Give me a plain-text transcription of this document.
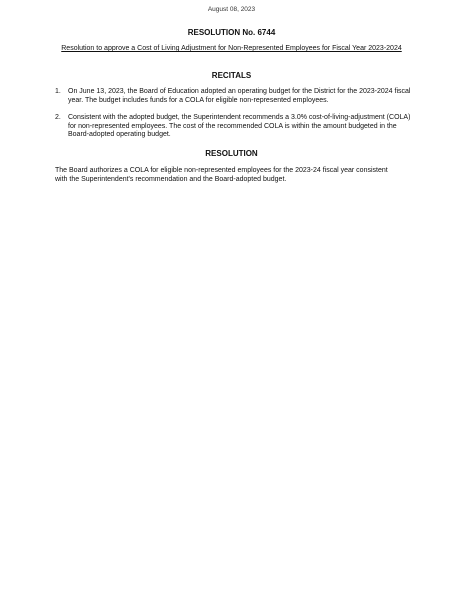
August 08, 2023
RESOLUTION No. 6744
Resolution to approve a Cost of Living Adjustment for Non-Represented Employees for Fiscal Year 2023-2024
RECITALS
1. On June 13, 2023, the Board of Education adopted an operating budget for the District for the 2023-2024 fiscal year. The budget includes funds for a COLA for eligible non-represented employees.
2. Consistent with the adopted budget, the Superintendent recommends a 3.0% cost-of-living-adjustment (COLA) for non-represented employees. The cost of the recommended COLA is within the amount budgeted in the Board-adopted operating budget.
RESOLUTION
The Board authorizes a COLA for eligible non-represented employees for the 2023-24 fiscal year consistent with the Superintendent's recommendation and the Board-adopted budget.
